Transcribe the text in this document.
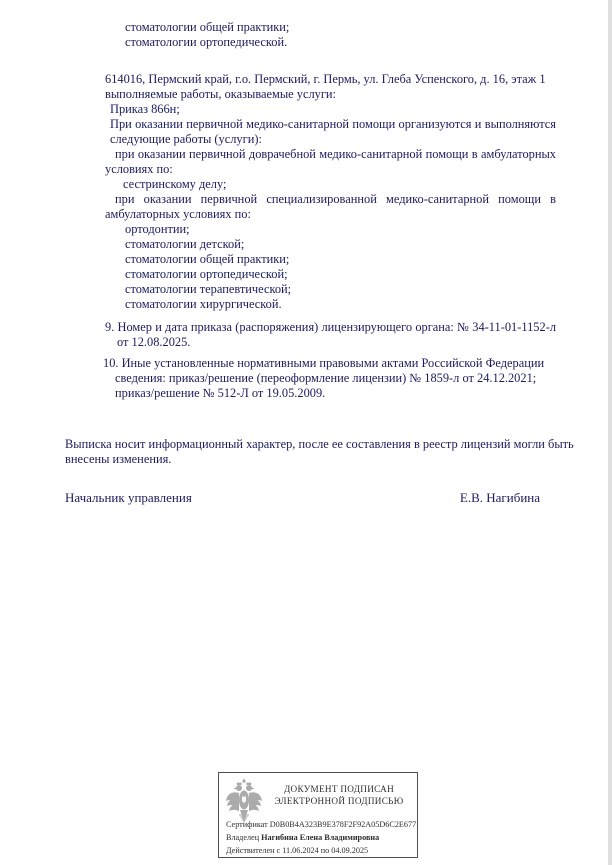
стоматологии общей практики;
стоматологии ортопедической.
614016, Пермский край, г.о. Пермский, г. Пермь, ул. Глеба Успенского, д. 16, этаж 1
выполняемые работы, оказываемые услуги:
Приказ 866н;
При оказании первичной медико-санитарной помощи организуются и выполняются
следующие работы (услуги):
при оказании первичной доврачебной медико-санитарной помощи в амбулаторных
условиях по:
сестринскому делу;
при оказании первичной специализированной медико-санитарной помощи в
амбулаторных условиях по:
ортодонтии;
стоматологии детской;
стоматологии общей практики;
стоматологии ортопедической;
стоматологии терапевтической;
стоматологии хирургической.
9. Номер и дата приказа (распоряжения) лицензирующего органа: № 34-11-01-1152-л
от 12.08.2025.
10. Иные установленные нормативными правовыми актами Российской Федерации
сведения: приказ/решение (переоформление лицензии) № 1859-л от 24.12.2021;
приказ/решение № 512-Л от 19.05.2009.
Выписка носит информационный характер, после ее составления в реестр лицензий могли быть
внесены изменения.
Начальник управления	Е.В. Нагибина
ДОКУМЕНТ ПОДПИСАН
ЭЛЕКТРОННОЙ ПОДПИСЬЮ
Сертификат D0B0B4A323B9E378F2F92A05D6C2E677
Владелец Нагибина Елена Владимировна
Действителен с 11.06.2024 по 04.09.2025
